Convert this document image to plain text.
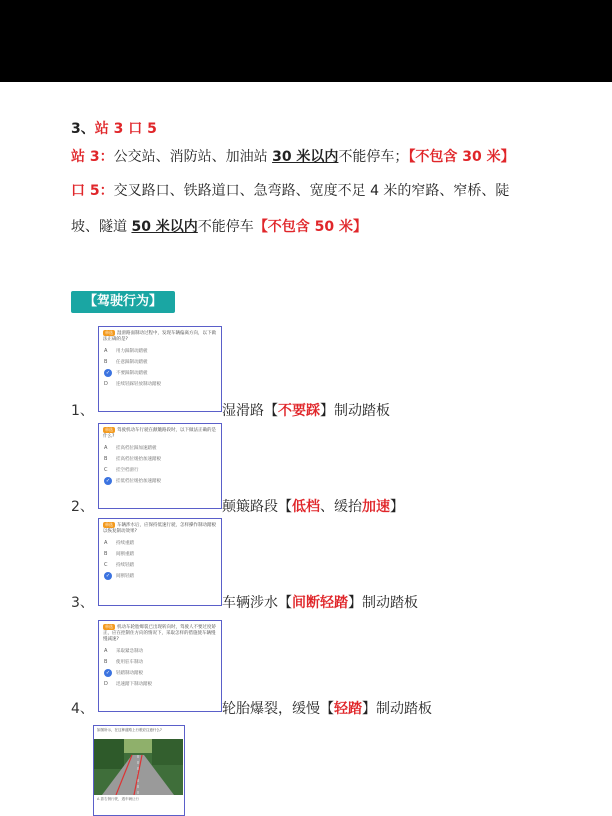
3、站 3 口 5
站 3：公交站、消防站、加油站 30 米以内不能停车；【不包含 30 米】
口 5：交叉路口、铁路道口、急弯路、宽度不足 4 米的窄路、窄桥、陡
坡、隧道 50 米以内不能停车【不包含 50 米】
【驾驶行为】
单选 湿滑路面制动过程中，发现车辆偏离方向，以下做法正确的是?
A	用力踩制动踏板
B	任意踩制动踏板
✓	不要踩制动踏板
D	连续轻踩轻放制动踏板
1、	湿滑路【不要踩】制动踏板
单选 驾驶机动车行驶在颠簸路段时，以下做法正确的是什么?
A	挂高档位踩加速踏板
B	挂高档位缓抬加速踏板
C	挂空档滑行
✓	挂低档位缓抬加速踏板
2、	颠簸路段【低档、缓抬加速】
单选 车辆涉水后，应保持低速行驶，怎样操作制动踏板以恢复制动效果?
A	持续重踏
B	间断重踏
C	持续轻踏
✓	间断轻踏
3、	车辆涉水【间断轻踏】制动踏板
单选 机动车轮胎爆裂已出现转向时，驾驶人不要过度矫正，应在控制住方向的情况下，采取怎样的措施使车辆慢慢减速?
A	采取紧急制动
B	使用驻车制动
✓	轻踏制动踏板
D	迅速踏下制动踏板
4、	轮胎爆裂，缓慢【轻踏】制动踏板
如图所示，在这种道路上行驶应注意什么?
A 靠右侧行驶，遇车辆让行
